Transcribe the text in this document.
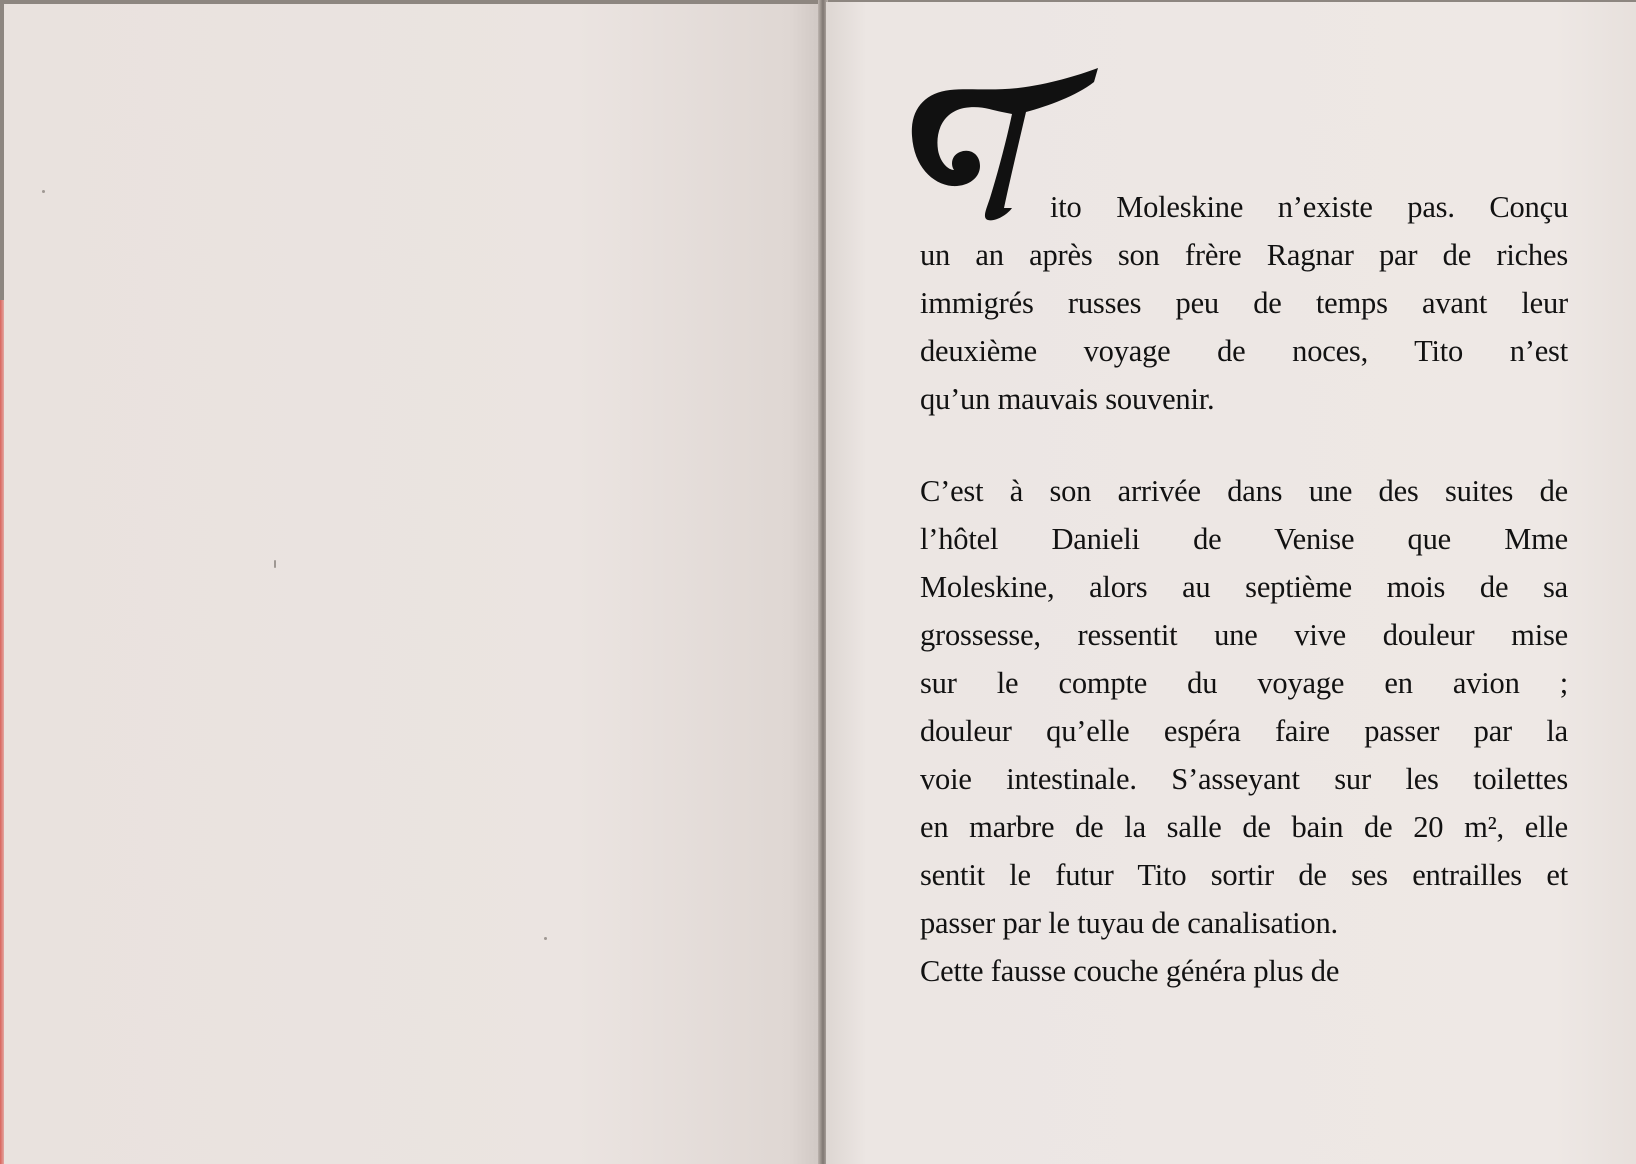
ito Moleskine n’existe pas. Conçu
un an après son frère Ragnar par de riches
immigrés russes peu de temps avant leur
deuxième voyage de noces, Tito n’est
qu’un mauvais souvenir.
C’est à son arrivée dans une des suites de
l’hôtel Danieli de Venise que Mme
Moleskine, alors au septième mois de sa
grossesse, ressentit une vive douleur mise
sur le compte du voyage en avion ;
douleur qu’elle espéra faire passer par la
voie intestinale. S’asseyant sur les toilettes
en marbre de la salle de bain de 20 m², elle
sentit le futur Tito sortir de ses entrailles et
passer par le tuyau de canalisation.
Cette fausse couche généra plus de
